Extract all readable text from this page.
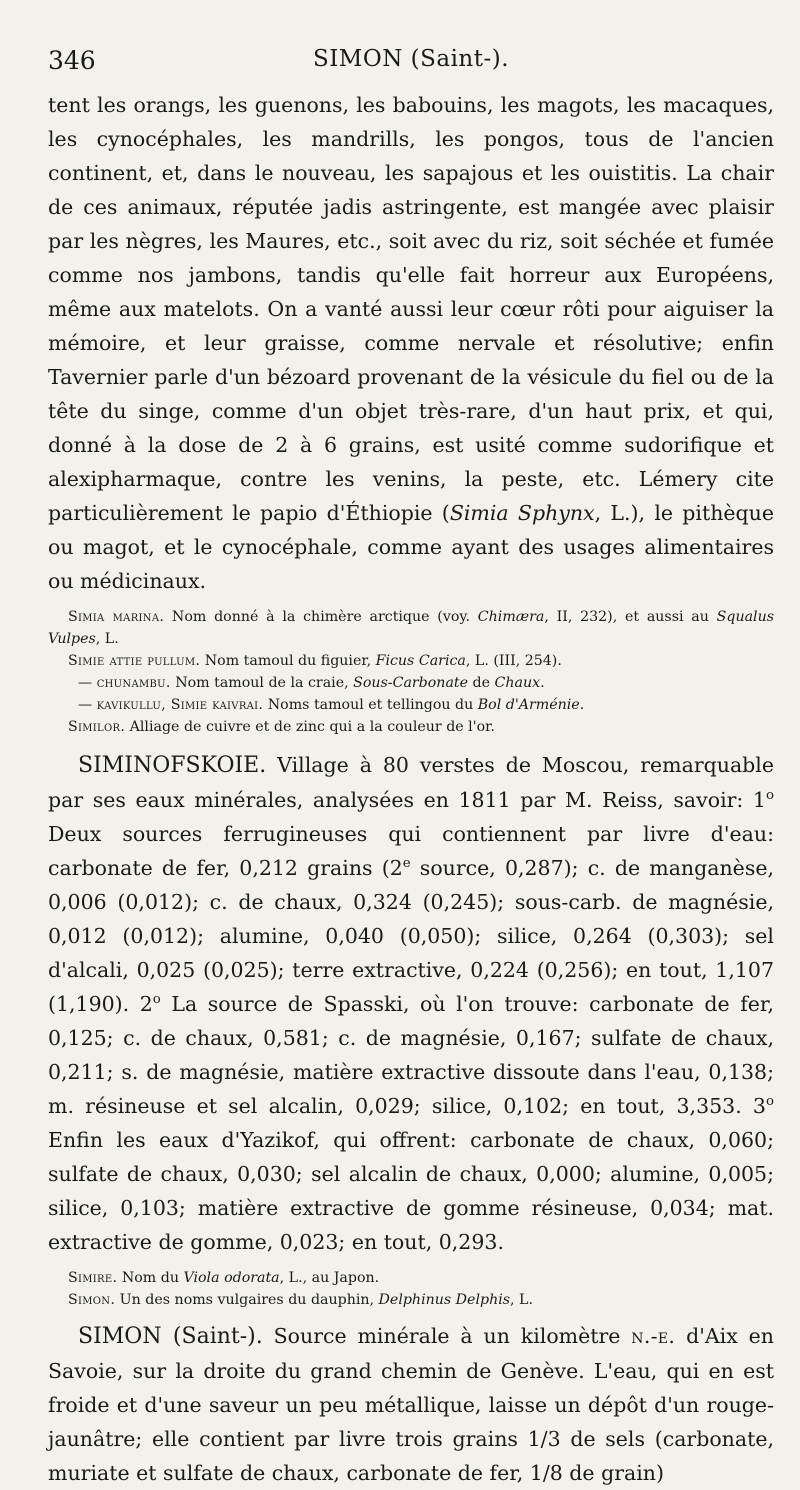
346	SIMON (Saint-).

tent les orangs, les guenons, les babouins, les magots, les macaques, les cynocéphales, les mandrills, les pongos, tous de l'ancien continent, et, dans le nouveau, les sapajous et les ouistitis. La chair de ces animaux, réputée jadis astringente, est mangée avec plaisir par les nègres, les Maures, etc., soit avec du riz, soit séchée et fumée comme nos jambons, tandis qu'elle fait horreur aux Européens, même aux matelots. On a vanté aussi leur cœur rôti pour aiguiser la mémoire, et leur graisse, comme nervale et résolutive; enfin Tavernier parle d'un bézoard provenant de la vésicule du fiel ou de la tête du singe, comme d'un objet très-rare, d'un haut prix, et qui, donné à la dose de 2 à 6 grains, est usité comme sudorifique et alexipharmaque, contre les venins, la peste, etc. Lémery cite particulièrement le papio d'Éthiopie (Simia Sphynx, L.), le pithèque ou magot, et le cynocéphale, comme ayant des usages alimentaires ou médicinaux.

Simia marina. Nom donné à la chimère arctique (voy. Chimæra, II, 232), et aussi au Squalus Vulpes, L.

Simie attie pullum. Nom tamoul du figuier, Ficus Carica, L. (III, 254).

— chunambu. Nom tamoul de la craie, Sous-Carbonate de Chaux.

— kavikullu, Simie kaivrai. Noms tamoul et tellingou du Bol d'Arménie.

Similor. Alliage de cuivre et de zinc qui a la couleur de l'or.

SIMINOFSKOIE. Village à 80 verstes de Moscou, remarquable par ses eaux minérales, analysées en 1811 par M. Reiss, savoir: 1$^o$ Deux sources ferrugineuses qui contiennent par livre d'eau: carbonate de fer, 0,212 grains (2e source, 0,287); c. de manganèse, 0,006 (0,012); c. de chaux, 0,324 (0,245); sous-carb. de magnésie, 0,012 (0,012); alumine, 0,040 (0,050); silice, 0,264 (0,303); sel d'alcali, 0,025 (0,025); terre extractive, 0,224 (0,256); en tout, 1,107 (1,190). 2$^o$ La source de Spasski, où l'on trouve: carbonate de fer, 0,125; c. de chaux, 0,581; c. de magnésie, 0,167; sulfate de chaux, 0,211; s. de magnésie, matière extractive dissoute dans l'eau, 0,138; m. résineuse et sel alcalin, 0,029; silice, 0,102; en tout, 3,353. 3$^o$ Enfin les eaux d'Yazikof, qui offrent: carbonate de chaux, 0,060; sulfate de chaux, 0,030; sel alcalin de chaux, 0,000; alumine, 0,005; silice, 0,103; matière extractive de gomme résineuse, 0,034; mat. extractive de gomme, 0,023; en tout, 0,293.

Simire. Nom du Viola odorata, L., au Japon.

Simon. Un des noms vulgaires du dauphin, Delphinus Delphis, L.

SIMON (Saint-). Source minérale à un kilomètre n.-e. d'Aix en Savoie, sur la droite du grand chemin de Genève. L'eau, qui en est froide et d'une saveur un peu métallique, laisse un dépôt d'un rouge-jaunâtre; elle contient par livre trois grains 1/3 de sels (carbonate, muriate et sulfate de chaux, carbonate de fer, 1/8 de grain)
